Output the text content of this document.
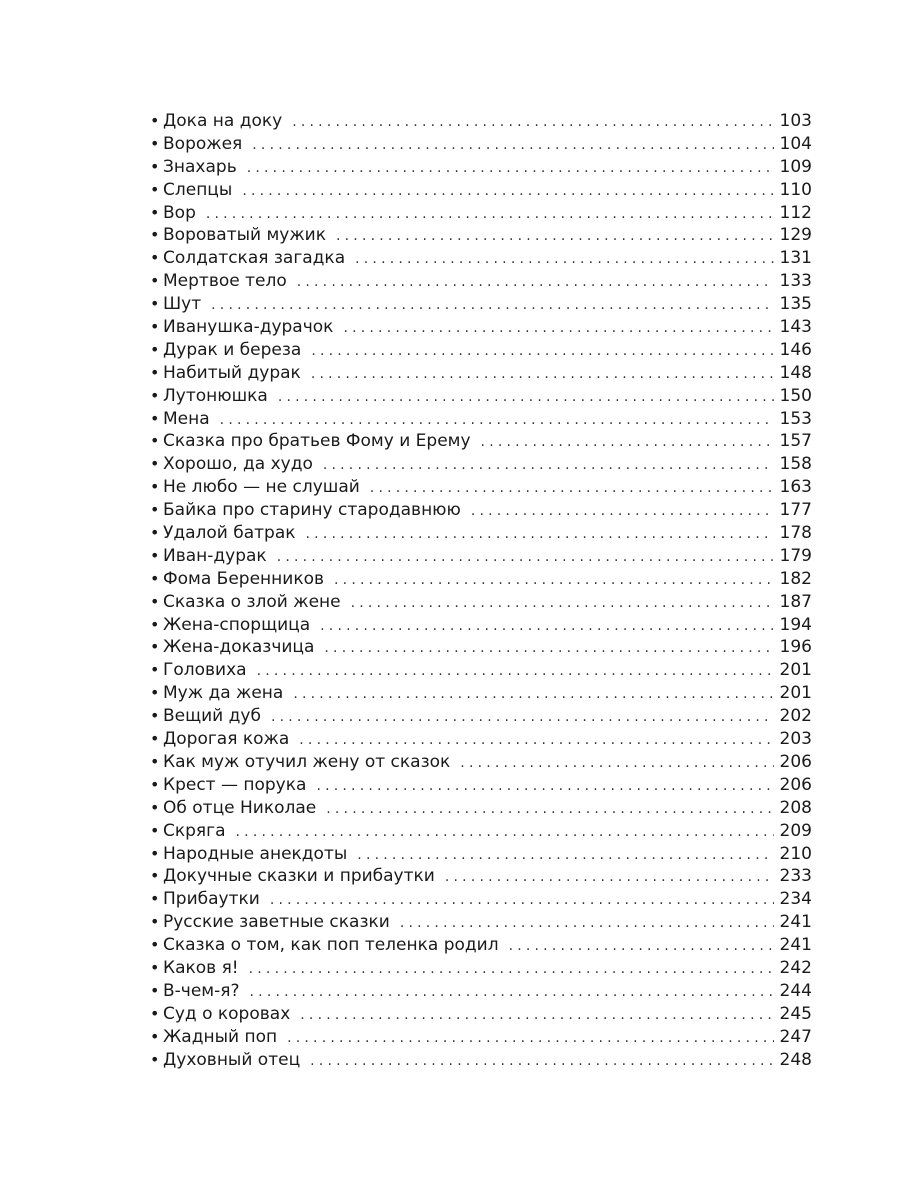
• Дока на доку .....	103
• Ворожея .....	104
• Знахарь .....	109
• Слепцы .....	110
• Вор .....	112
• Вороватый мужик .....	129
• Солдатская загадка .....	131
• Мертвое тело .....	133
• Шут .....	135
• Иванушка-дурачок .....	143
• Дурак и береза .....	146
• Набитый дурак .....	148
• Лутонюшка .....	150
• Мена .....	153
• Сказка про братьев Фому и Ерему .....	157
• Хорошо, да худо .....	158
• Не любо — не слушай .....	163
• Байка про старину стародавнюю .....	177
• Удалой батрак .....	178
• Иван-дурак .....	179
• Фома Беренников .....	182
• Сказка о злой жене .....	187
• Жена-спорщица .....	194
• Жена-доказчица .....	196
• Головиха .....	201
• Муж да жена .....	201
• Вещий дуб .....	202
• Дорогая кожа .....	203
• Как муж отучил жену от сказок .....	206
• Крест — порука .....	206
• Об отце Николае .....	208
• Скряга .....	209
• Народные анекдоты .....	210
• Докучные сказки и прибаутки .....	233
• Прибаутки .....	234
• Русские заветные сказки .....	241
• Сказка о том, как поп теленка родил .....	241
• Каков я! .....	242
• В-чем-я? .....	244
• Суд о коровах .....	245
• Жадный поп .....	247
• Духовный отец .....	248
